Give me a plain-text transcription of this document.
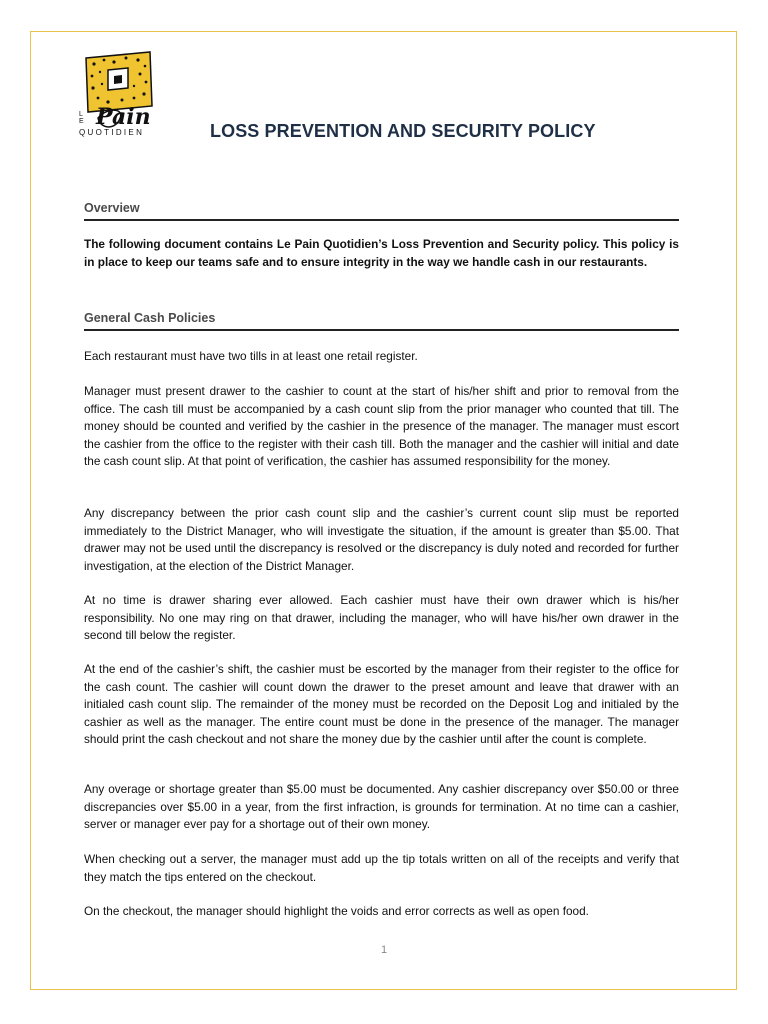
L E Pain
QUOTIDIEN	LOSS PREVENTION AND SECURITY POLICY
Overview
The following document contains Le Pain Quotidien’s Loss Prevention and Security policy. This policy is in place to keep our teams safe and to ensure integrity in the way we handle cash in our restaurants.
General Cash Policies
Each restaurant must have two tills in at least one retail register.
Manager must present drawer to the cashier to count at the start of his/her shift and prior to removal from the office. The cash till must be accompanied by a cash count slip from the prior manager who counted that till. The money should be counted and verified by the cashier in the presence of the manager. The manager must escort the cashier from the office to the register with their cash till. Both the manager and the cashier will initial and date the cash count slip. At that point of verification, the cashier has assumed responsibility for the money.
Any discrepancy between the prior cash count slip and the cashier’s current count slip must be reported immediately to the District Manager, who will investigate the situation, if the amount is greater than $5.00. That drawer may not be used until the discrepancy is resolved or the discrepancy is duly noted and recorded for further investigation, at the election of the District Manager.
At no time is drawer sharing ever allowed. Each cashier must have their own drawer which is his/her responsibility. No one may ring on that drawer, including the manager, who will have his/her own drawer in the second till below the register.
At the end of the cashier’s shift, the cashier must be escorted by the manager from their register to the office for the cash count. The cashier will count down the drawer to the preset amount and leave that drawer with an initialed cash count slip. The remainder of the money must be recorded on the Deposit Log and initialed by the cashier as well as the manager. The entire count must be done in the presence of the manager. The manager should print the cash checkout and not share the money due by the cashier until after the count is complete.
Any overage or shortage greater than $5.00 must be documented. Any cashier discrepancy over $50.00 or three discrepancies over $5.00 in a year, from the first infraction, is grounds for termination. At no time can a cashier, server or manager ever pay for a shortage out of their own money.
When checking out a server, the manager must add up the tip totals written on all of the receipts and verify that they match the tips entered on the checkout.
On the checkout, the manager should highlight the voids and error corrects as well as open food.
1
